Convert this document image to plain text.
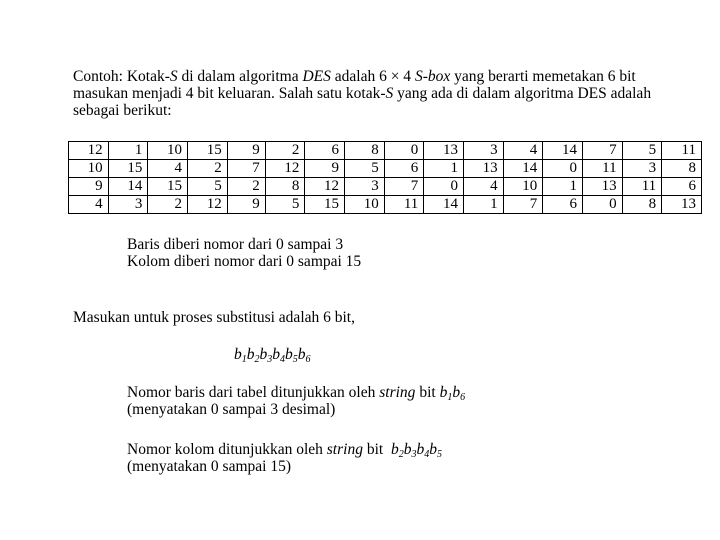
Contoh: Kotak-S di dalam algoritma DES adalah 6 × 4 S-box yang berarti memetakan 6 bit

masukan menjadi 4 bit keluaran. Salah satu kotak-S yang ada di dalam algoritma DES adalah

sebagai berikut:

12	1	10	15	9	2	6	8	0	13	3	4	14	7	5	11
10	15	4	2	7	12	9	5	6	1	13	14	0	11	3	8
9	14	15	5	2	8	12	3	7	0	4	10	1	13	11	6
4	3	2	12	9	5	15	10	11	14	1	7	6	0	8	13
Baris diberi nomor dari 0 sampai 3
Kolom diberi nomor dari 0 sampai 15
Masukan untuk proses substitusi adalah 6 bit,
$b_1b_2b_3b_4b_5b_6$
Nomor baris dari tabel ditunjukkan oleh string bit $b_1b_6$
(menyatakan 0 sampai 3 desimal)
Nomor kolom ditunjukkan oleh string bit  $b_2b_3b_4b_5$
(menyatakan 0 sampai 15)
